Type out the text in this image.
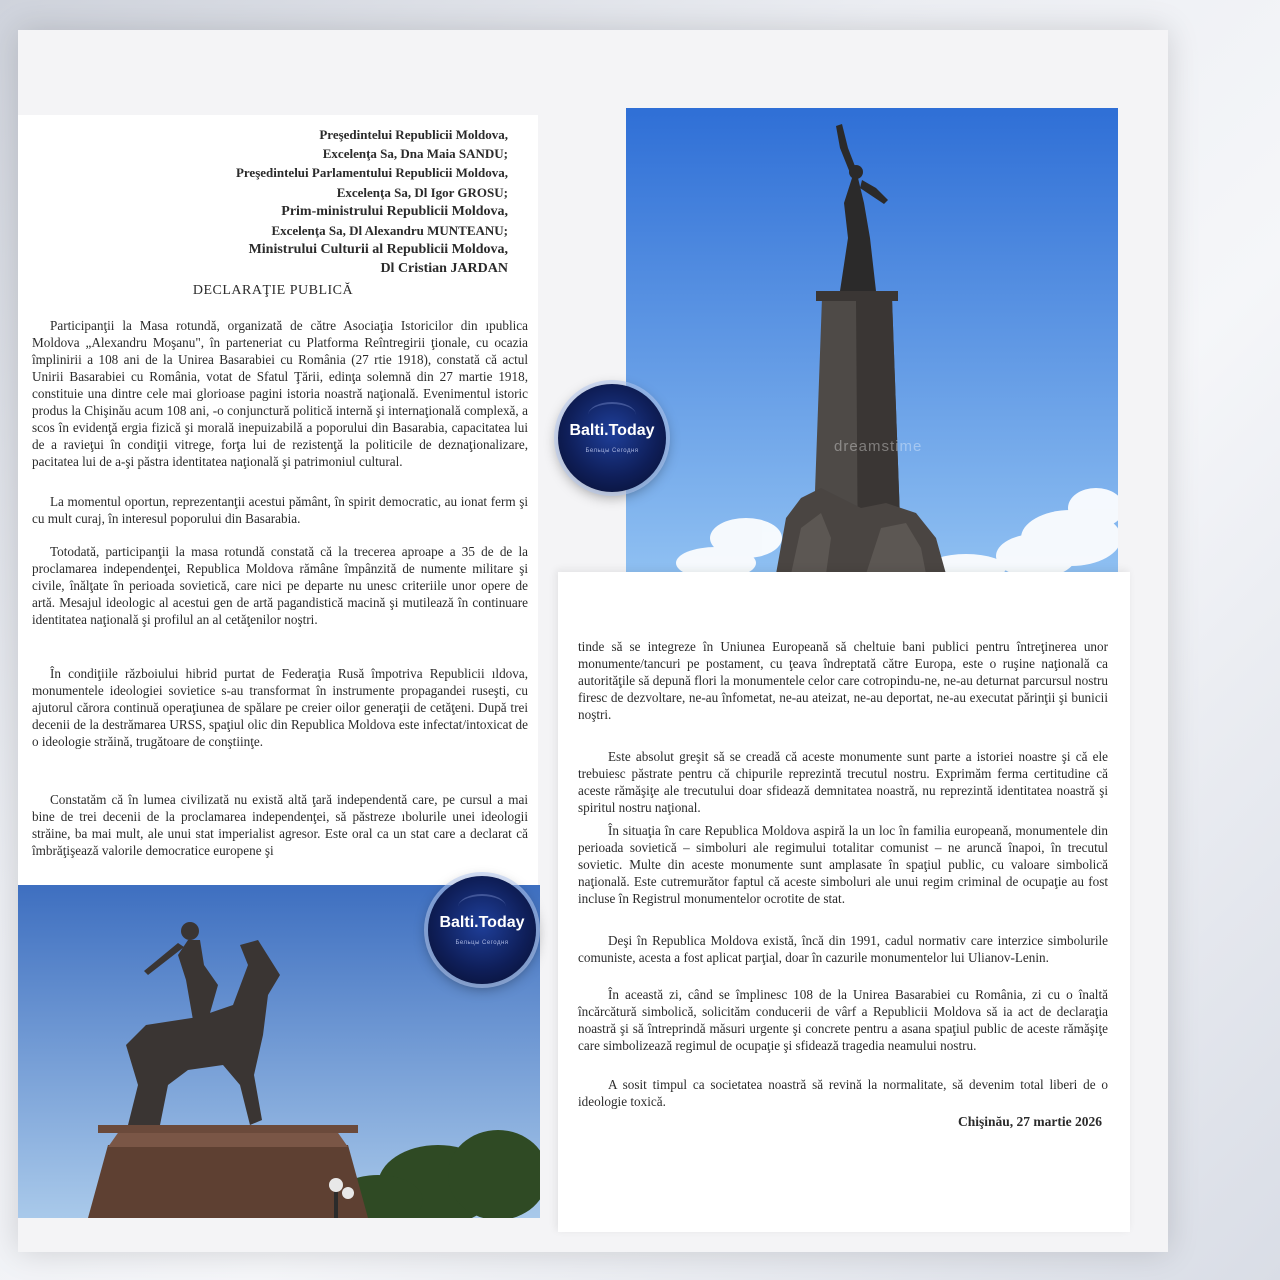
Preşedintelui Republicii Moldova,
Excelenţa Sa, Dna Maia SANDU;
Preşedintelui Parlamentului Republicii Moldova,
Excelenţa Sa, Dl Igor GROSU;
Prim-ministrului Republicii Moldova,
Excelenţa Sa, Dl Alexandru MUNTEANU;
Ministrului Culturii al Republicii Moldova,
Dl Cristian JARDAN
DECLARAŢIE PUBLICĂ

Participanţii la Masa rotundă, organizată de către Asociaţia Istoricilor din ıpublica Moldova „Alexandru Moşanu", în parteneriat cu Platforma Reîntregirii ţionale, cu ocazia împlinirii a 108 ani de la Unirea Basarabiei cu România (27 rtie 1918), constată că actul Unirii Basarabiei cu România, votat de Sfatul Ţării, edinţa solemnă din 27 martie 1918, constituie una dintre cele mai glorioase pagini istoria noastră naţională. Evenimentul istoric produs la Chişinău acum 108 ani, -o conjunctură politică internă şi internaţională complexă, a scos în evidenţă ergia fizică şi morală inepuizabilă a poporului din Basarabia, capacitatea lui de a ravieţui în condiţii vitrege, forţa lui de rezistenţă la politicile de deznaţionalizare, pacitatea lui de a-şi păstra identitatea naţională şi patrimoniul cultural.

La momentul oportun, reprezentanţii acestui pământ, în spirit democratic, au ionat ferm şi cu mult curaj, în interesul poporului din Basarabia.

Totodată, participanţii la masa rotundă constată că la trecerea aproape a 35 de de la proclamarea independenţei, Republica Moldova rămâne împânzită de numente militare şi civile, înălţate în perioada sovietică, care nici pe departe nu unesc criteriile unor opere de artă. Mesajul ideologic al acestui gen de artă pagandistică macină şi mutilează în continuare identitatea naţională şi profilul an al cetăţenilor noştri.

În condiţiile războiului hibrid purtat de Federaţia Rusă împotriva Republicii ıldova, monumentele ideologiei sovietice s-au transformat în instrumente propagandei ruseşti, cu ajutorul cărora continuă operaţiunea de spălare pe creier oilor generaţii de cetăţeni. După trei decenii de la destrămarea URSS, spaţiul olic din Republica Moldova este infectat/intoxicat de o ideologie străină, trugătoare de conştiinţe.

Constatăm că în lumea civilizată nu există altă ţară independentă care, pe cursul a mai bine de trei decenii de la proclamarea independenţei, să păstreze ıbolurile unei ideologii străine, ba mai mult, ale unui stat imperialist agresor. Este oral ca un stat care a declarat că îmbrăţişează valorile democratice europene şi

dreamstime

tinde să se integreze în Uniunea Europeană să cheltuie bani publici pentru întreţinerea unor monumente/tancuri pe postament, cu ţeava îndreptată către Europa, este o ruşine naţională ca autorităţile să depună flori la monumentele celor care cotropindu-ne, ne-au deturnat parcursul nostru firesc de dezvoltare, ne-au înfometat, ne-au ateizat, ne-au deportat, ne-au executat părinţii şi bunicii noştri.

Este absolut greşit să se creadă că aceste monumente sunt parte a istoriei noastre şi că ele trebuiesc păstrate pentru că chipurile reprezintă trecutul nostru. Exprimăm ferma certitudine că aceste rămăşiţe ale trecutului doar sfidează demnitatea noastră, nu reprezintă identitatea noastră şi spiritul nostru naţional.

În situaţia în care Republica Moldova aspiră la un loc în familia europeană, monumentele din perioada sovietică – simboluri ale regimului totalitar comunist – ne aruncă înapoi, în trecutul sovietic. Multe din aceste monumente sunt amplasate în spaţiul public, cu valoare simbolică naţională. Este cutremurător faptul că aceste simboluri ale unui regim criminal de ocupaţie au fost incluse în Registrul monumentelor ocrotite de stat.

Deşi în Republica Moldova există, încă din 1991, cadul normativ care interzice simbolurile comuniste, acesta a fost aplicat parţial, doar în cazurile monumentelor lui Ulianov-Lenin.

În această zi, când se împlinesc 108 de la Unirea Basarabiei cu România, zi cu o înaltă încărcătură simbolică, solicităm conducerii de vârf a Republicii Moldova să ia act de declaraţia noastră şi să întreprindă măsuri urgente şi concrete pentru a asana spaţiul public de aceste rămăşiţe care simbolizează regimul de ocupaţie şi sfidează tragedia neamului nostru.

A sosit timpul ca societatea noastră să revină la normalitate, să devenim total liberi de o ideologie toxică.

Chişinău, 27 martie 2026
Balti.Today
Бельцы Сегодня
Balti.Today
Бельцы Сегодня
